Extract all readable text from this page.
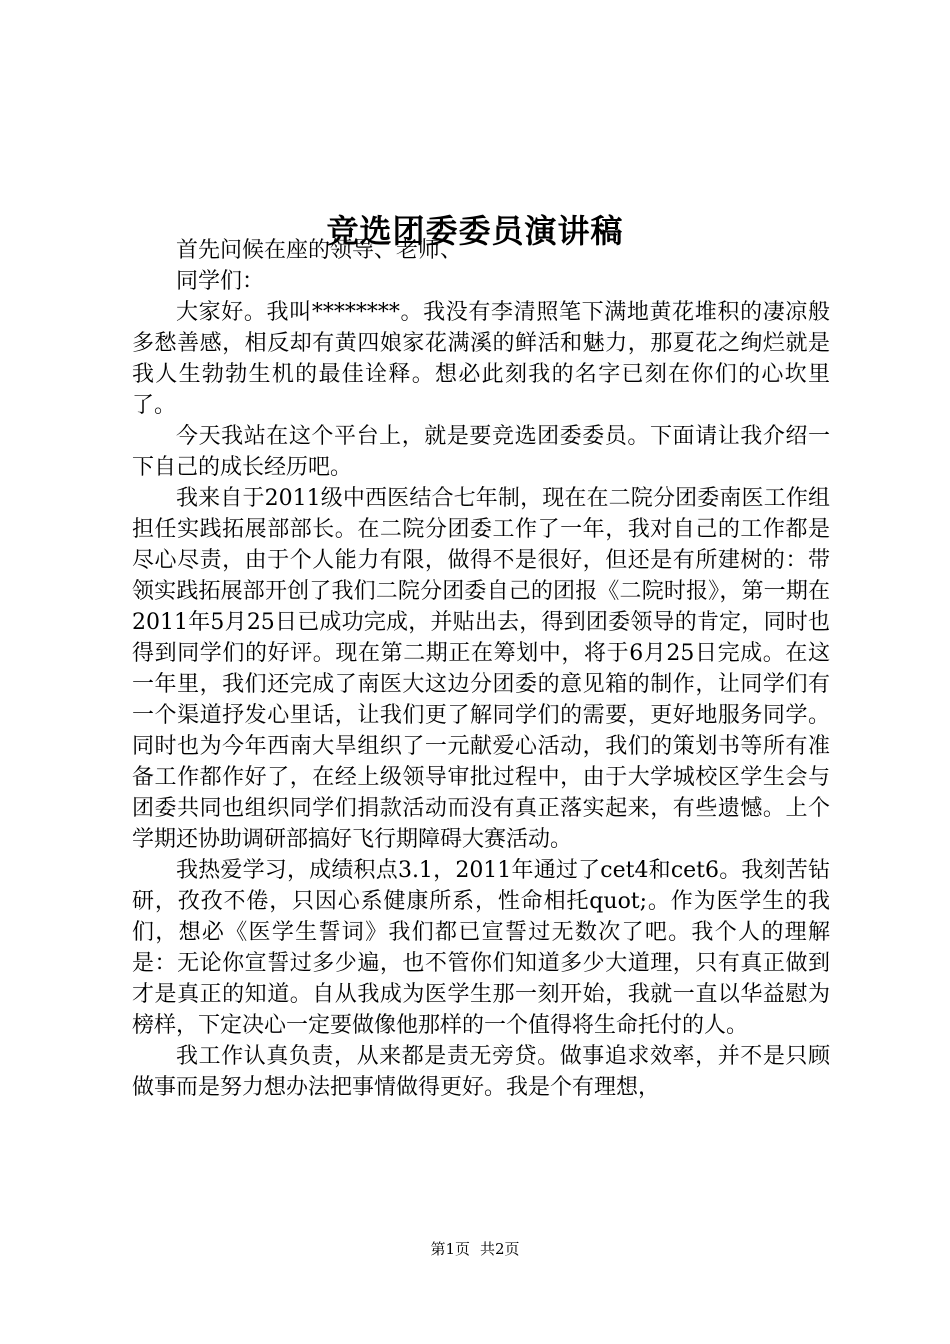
竞选团委委员演讲稿

首先问候在座的领导、老师、

同学们：

大家好。我叫********。我没有李清照笔下满地黄花堆积的凄凉般多愁善感，相反却有黄四娘家花满溪的鲜活和魅力，那夏花之绚烂就是我人生勃勃生机的最佳诠释。想必此刻我的名字已刻在你们的心坎里了。

今天我站在这个平台上，就是要竞选团委委员。下面请让我介绍一下自己的成长经历吧。

我来自于2011级中西医结合七年制，现在在二院分团委南医工作组担任实践拓展部部长。在二院分团委工作了一年，我对自己的工作都是尽心尽责，由于个人能力有限，做得不是很好，但还是有所建树的：带领实践拓展部开创了我们二院分团委自己的团报《二院时报》，第一期在2011年5月25日已成功完成，并贴出去，得到团委领导的肯定，同时也得到同学们的好评。现在第二期正在筹划中，将于6月25日完成。在这一年里，我们还完成了南医大这边分团委的意见箱的制作，让同学们有一个渠道抒发心里话，让我们更了解同学们的需要，更好地服务同学。同时也为今年西南大旱组织了一元献爱心活动，我们的策划书等所有准备工作都作好了，在经上级领导审批过程中，由于大学城校区学生会与团委共同也组织同学们捐款活动而没有真正落实起来，有些遗憾。上个学期还协助调研部搞好飞行期障碍大赛活动。

我热爱学习，成绩积点3.1，2011年通过了cet4和cet6。我刻苦钻研，孜孜不倦，只因心系健康所系，性命相托quot;。作为医学生的我们，想必《医学生誓词》我们都已宣誓过无数次了吧。我个人的理解是：无论你宣誓过多少遍，也不管你们知道多少大道理，只有真正做到才是真正的知道。自从我成为医学生那一刻开始，我就一直以华益慰为榜样，下定决心一定要做像他那样的一个值得将生命托付的人。

我工作认真负责，从来都是责无旁贷。做事追求效率，并不是只顾做事而是努力想办法把事情做得更好。我是个有理想，

第1页 共2页
